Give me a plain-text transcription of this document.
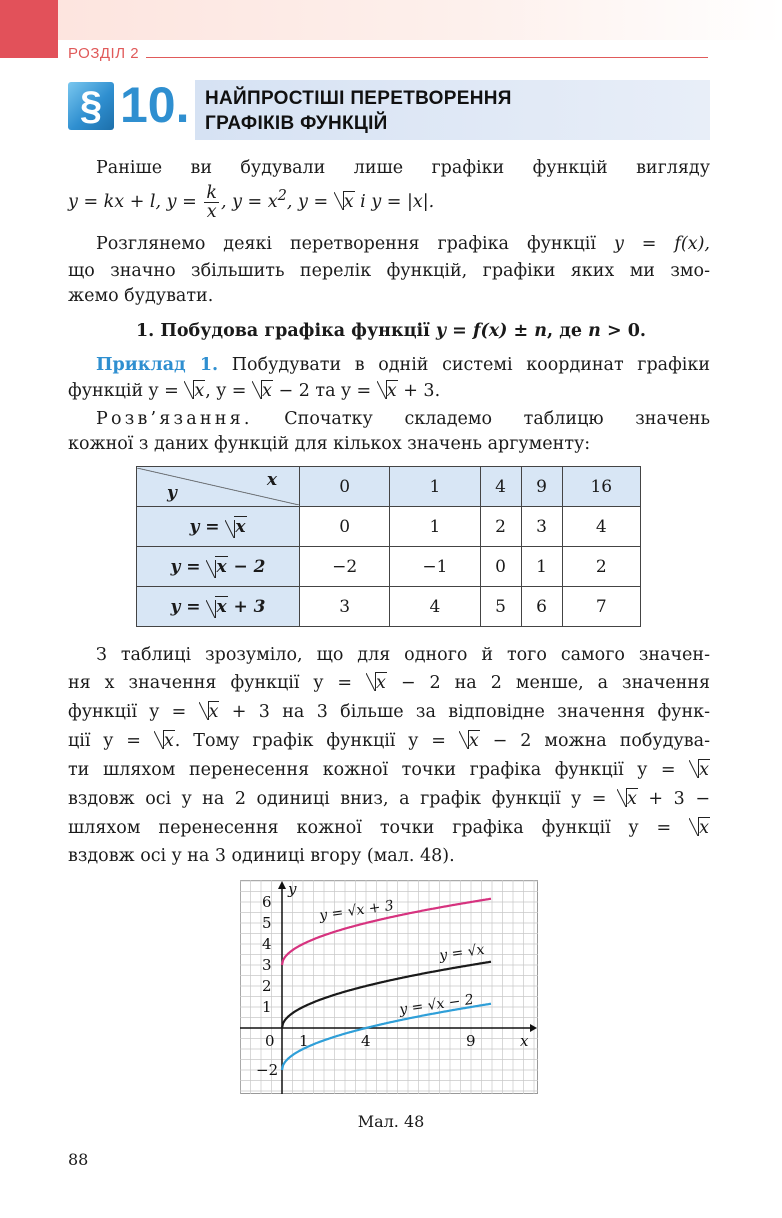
РОЗДІЛ 2
§ 10. НАЙПРОСТІШІ ПЕРЕТВОРЕННЯ
ГРАФІКІВ ФУНКЦІЙ
Раніше ви будували лише графіки функцій вигляду
y = kx + l, $y = \frac{k}{x}$ , $y = x^2$, y = x і y = |x|.
Розглянемо деякі перетворення графіка функції y = f(x),
що значно збільшить перелік функцій, графіки яких ми змо-
жемо будувати.
1. Побудова графіка функції y = f(x) ± n, де n > 0.
Приклад 1. Побудувати в одній системі координат графіки
функцій y = x, y = x − 2 та y = x + 3.
Розв’язання. Спочатку складемо таблицю значень
кожної з даних функцій для кількох значень аргументу:
x
y	0	1	4	9	16
y = x	0	1	2	3	4
y = x − 2	−2	−1	0	1	2
y = x + 3	3	4	5	6	7
З таблиці зрозуміло, що для одного й того самого значен-
ня x значення функції y = x − 2 на 2 менше, а значення
функції y = x + 3 на 3 більше за відповідне значення функ-
ції y = x. Тому графік функції y = x − 2 можна побудува-
ти шляхом перенесення кожної точки графіка функції y = x
вздовж осі y на 2 одиниці вниз, а графік функції y = x + 3 −
шляхом перенесення кожної точки графіка функції y = x
вздовж осі y на 3 одиниці вгору (мал. 48).
1	4	9
6
5
4
3
2
1
−2
0	x
y
y = √x + 3
y = √x
y = √x − 2
Мал. 48
88
